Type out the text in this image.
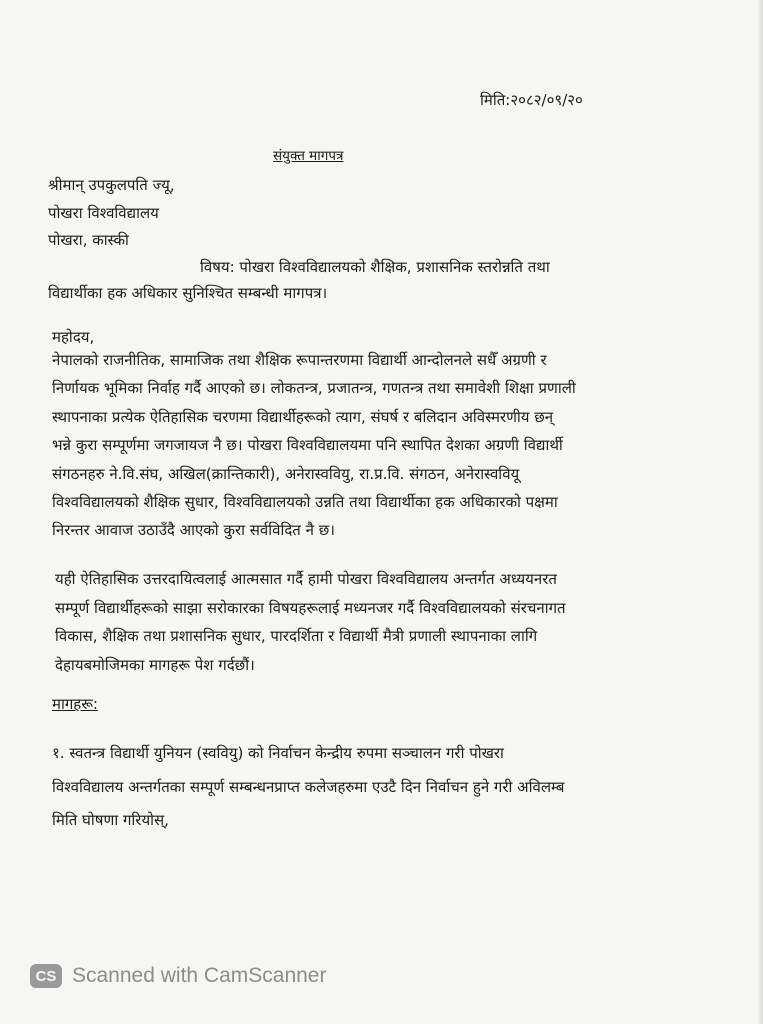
मिति:२०८२/०९/२०
संयुक्त मागपत्र
श्रीमान् उपकुलपति ज्यू,
पोखरा विश्वविद्यालय
पोखरा, कास्की
विषय: पोखरा विश्वविद्यालयको शैक्षिक, प्रशासनिक स्तरोन्नति तथा
विद्यार्थीका हक अधिकार सुनिश्चित सम्बन्धी मागपत्र।
महोदय,
नेपालको राजनीतिक, सामाजिक तथा शैक्षिक रूपान्तरणमा विद्यार्थी आन्दोलनले सधैँ अग्रणी र
निर्णायक भूमिका निर्वाह गर्दै आएको छ। लोकतन्त्र, प्रजातन्त्र, गणतन्त्र तथा समावेशी शिक्षा प्रणाली
स्थापनाका प्रत्येक ऐतिहासिक चरणमा विद्यार्थीहरूको त्याग, संघर्ष र बलिदान अविस्मरणीय छन्
भन्ने कुरा सम्पूर्णमा जगजायज नै छ। पोखरा विश्वविद्यालयमा पनि स्थापित देशका अग्रणी विद्यार्थी
संगठनहरु ने.वि.संघ, अखिल(क्रान्तिकारी), अनेरास्ववियु, रा.प्र.वि. संगठन, अनेरास्ववियू
विश्वविद्यालयको शैक्षिक सुधार, विश्वविद्यालयको उन्नति तथा विद्यार्थीका हक अधिकारको पक्षमा
निरन्तर आवाज उठाउँदै आएको कुरा सर्वविदित नै छ।
यही ऐतिहासिक उत्तरदायित्वलाई आत्मसात गर्दै हामी पोखरा विश्वविद्यालय अन्तर्गत अध्ययनरत
सम्पूर्ण विद्यार्थीहरूको साझा सरोकारका विषयहरूलाई मध्यनजर गर्दै विश्वविद्यालयको संरचनागत
विकास, शैक्षिक तथा प्रशासनिक सुधार, पारदर्शिता र विद्यार्थी मैत्री प्रणाली स्थापनाका लागि
देहायबमोजिमका मागहरू पेश गर्दछौं।
मागहरू:
१. स्वतन्त्र विद्यार्थी युनियन (स्ववियु) को निर्वाचन केन्द्रीय रुपमा सञ्चालन गरी पोखरा
विश्वविद्यालय अन्तर्गतका सम्पूर्ण सम्बन्धनप्राप्त कलेजहरुमा एउटै दिन निर्वाचन हुने गरी अविलम्ब
मिति घोषणा गरियोस्,
CS Scanned with CamScanner
